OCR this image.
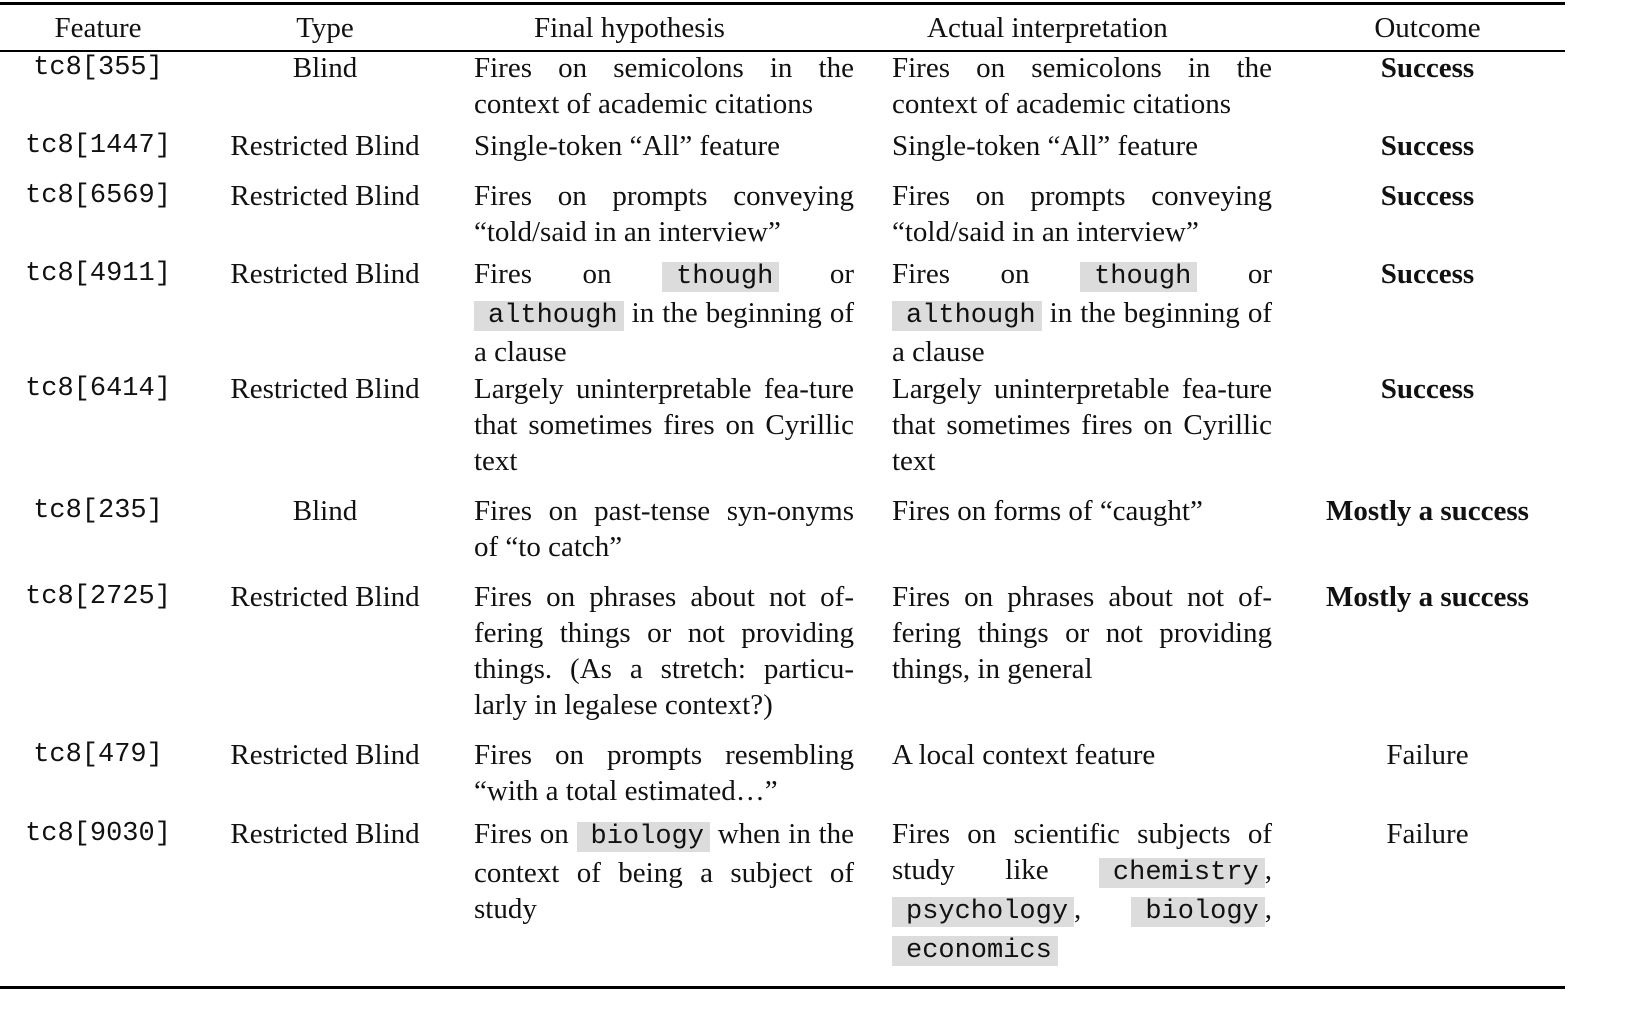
Feature	Type	Final hypothesis	Actual interpretation	Outcome
tc8[355]	Blind	Fires on semicolons in the context of academic citations	Fires on semicolons in the context of academic citations	Success
tc8[1447]	Restricted Blind	Single-token “All” feature	Single-token “All” feature	Success
tc8[6569]	Restricted Blind	Fires on prompts conveying “told/said in an interview”	Fires on prompts conveying “told/said in an interview”	Success
tc8[4911]	Restricted Blind	Fires on though or although in the beginning of a clause	Fires on though or although in the beginning of a clause	Success
tc8[6414]	Restricted Blind	Largely uninterpretable fea-ture that sometimes fires on Cyrillic text	Largely uninterpretable fea-ture that sometimes fires on Cyrillic text	Success
tc8[235]	Blind	Fires on past-tense syn-onyms of “to catch”	Fires on forms of “caught”	Mostly a success
tc8[2725]	Restricted Blind	Fires on phrases about not of-fering things or not providing things. (As a stretch: particu-larly in legalese context?)	Fires on phrases about not of-fering things or not providing things, in general	Mostly a success
tc8[479]	Restricted Blind	Fires on prompts resembling “with a total estimated…”	A local context feature	Failure
tc8[9030]	Restricted Blind	Fires on biology when in the context of being a subject of study	Fires on scientific subjects of study like chemistry , psychology , biology , economics	Failure
